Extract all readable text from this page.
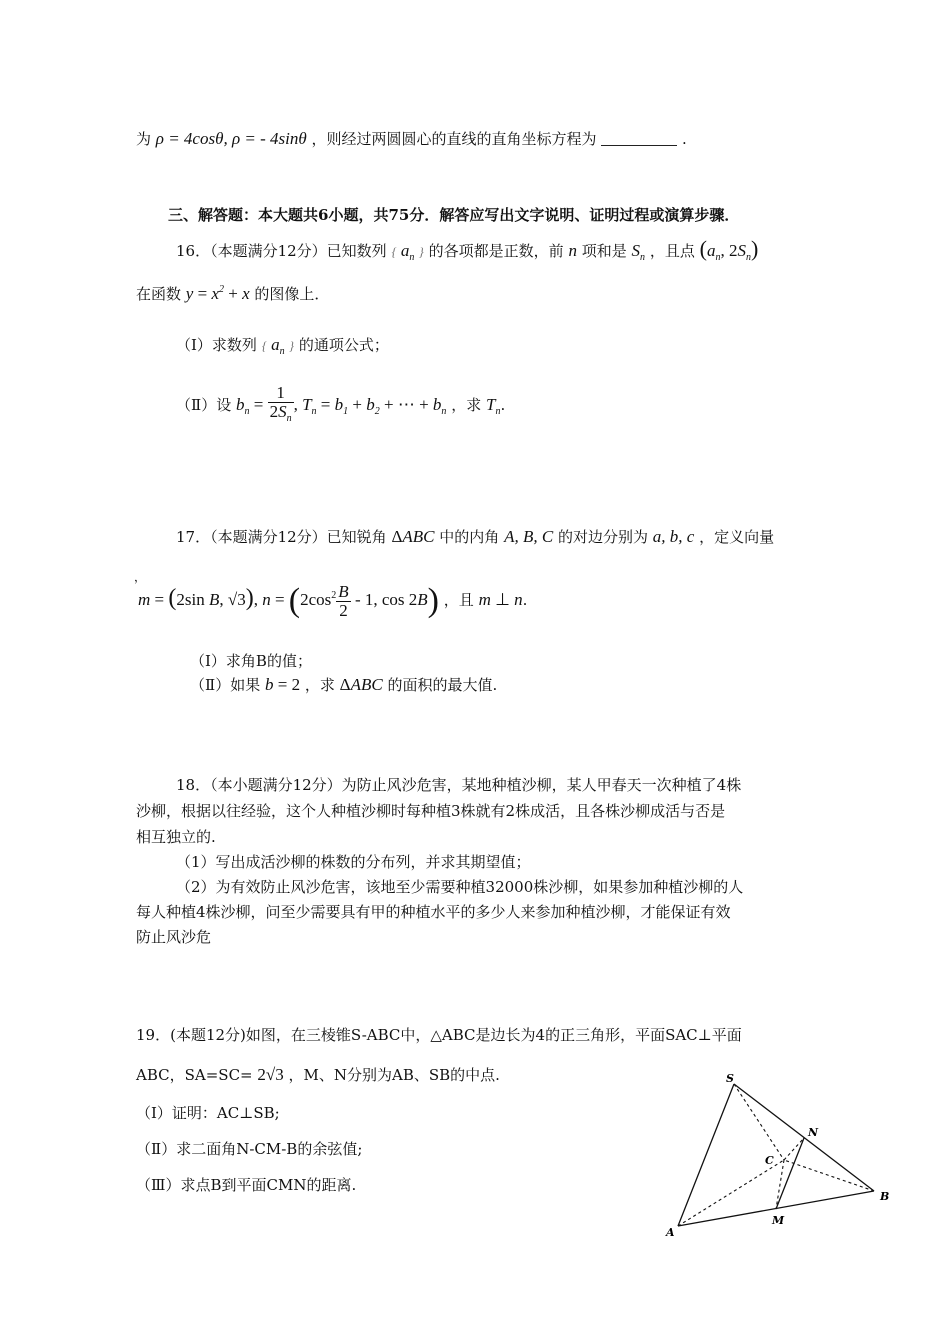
为 ρ = 4cosθ, ρ = - 4sinθ ，则经过两圆圆心的直线的直角坐标方程为	.
三、解答题：本大题共6小题，共75分．解答应写出文字说明、证明过程或演算步骤．
16．（本题满分12分）已知数列 { $a_n$ } 的各项都是正数，前 n 项和是 $S_n$ ，且点 ($a_n$, $2S_n$)
在函数 $y = x^2 + x$ 的图像上．
（Ⅰ）求数列 { $a_n$ } 的通项公式；
（Ⅱ）设 $b_n = \frac{1}{2S_n}$ , $T_n = b_1 + b_2$ + ⋯ + $b_n$ ，求 $T_n$.
17．（本题满分12分）已知锐角 ΔABC 中的内角 A, B, C 的对边分别为 a, b, c ，定义向量
，
m = (2sin B, √3), $n = (2\cos^2 \frac{B}{2} - 1$, cos 2B) ，且 m ⊥ n.
（Ⅰ）求角B的值；
（Ⅱ）如果 b = 2 ，求 ΔABC 的面积的最大值.
18．（本小题满分12分）为防止风沙危害，某地种植沙柳，某人甲春天一次种植了4株
沙柳，根据以往经验，这个人种植沙柳时每种植3株就有2株成活，且各株沙柳成活与否是
相互独立的.
（1）写出成活沙柳的株数的分布列，并求其期望值；
（2）为有效防止风沙危害，该地至少需要种植32000株沙柳，如果参加种植沙柳的人
每人种植4株沙柳，问至少需要具有甲的种植水平的多少人来参加种植沙柳，才能保证有效
防止风沙危
19．(本题12分)如图，在三棱锥S-ABC中，△ABC是边长为4的正三角形，平面SAC⊥平面
ABC，SA=SC= 2√3 ，M、N分别为AB、SB的中点.
（Ⅰ）证明：AC⊥SB;
（Ⅱ）求二面角N-CM-B的余弦值;
（Ⅲ）求点B到平面CMN的距离.
S
A
B
C
M
N
